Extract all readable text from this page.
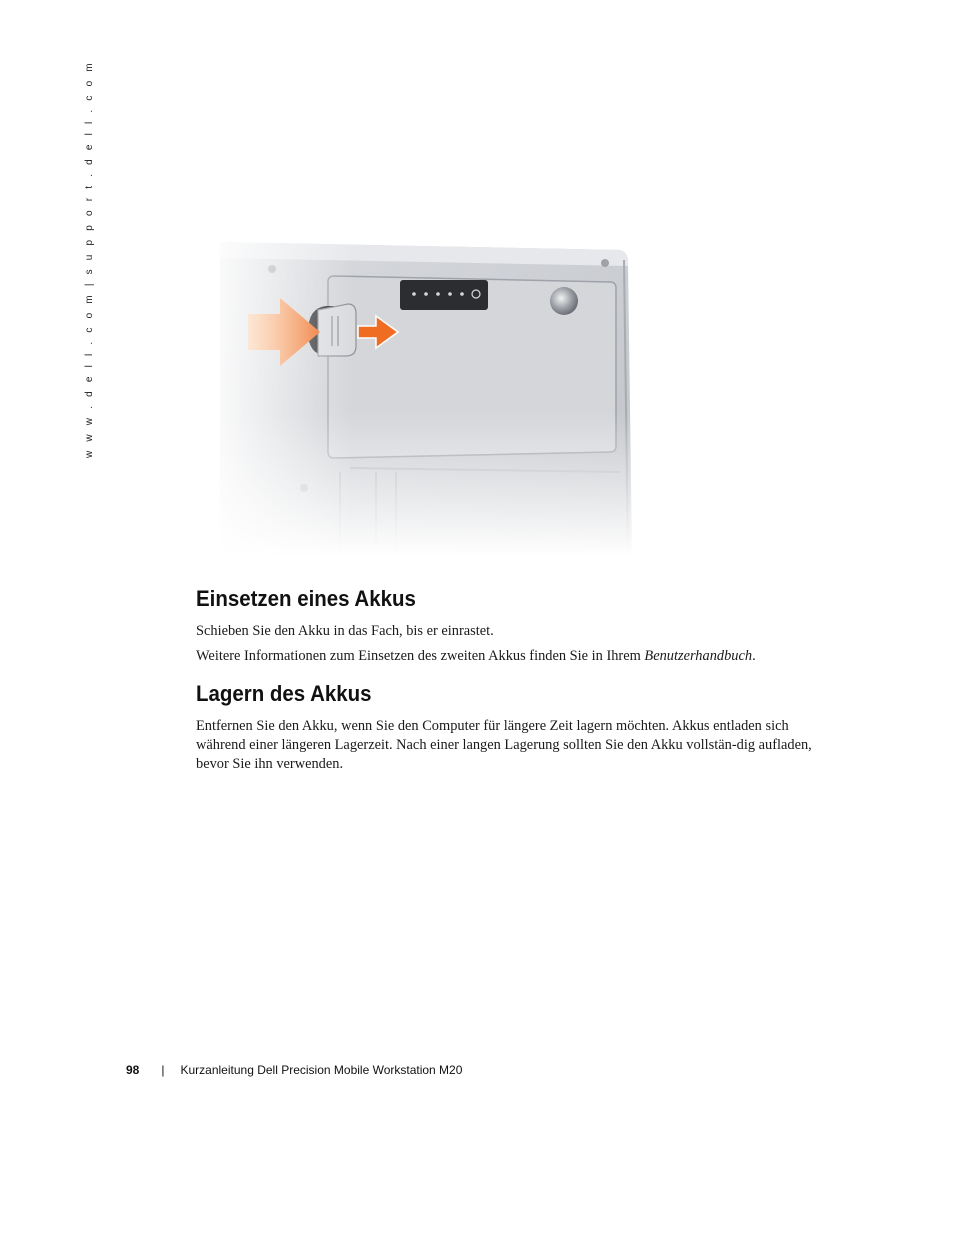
w w w . d e l l . c o m | s u p p o r t . d e l l . c o m
Einsetzen eines Akkus

Schieben Sie den Akku in das Fach, bis er einrastet.

Weitere Informationen zum Einsetzen des zweiten Akkus finden Sie in Ihrem Benutzerhandbuch.

Lagern des Akkus

Entfernen Sie den Akku, wenn Sie den Computer für längere Zeit lagern möchten. Akkus entladen sich während einer längeren Lagerzeit. Nach einer langen Lagerung sollten Sie den Akku vollstän-dig aufladen, bevor Sie ihn verwenden.

98 | Kurzanleitung Dell Precision Mobile Workstation M20
